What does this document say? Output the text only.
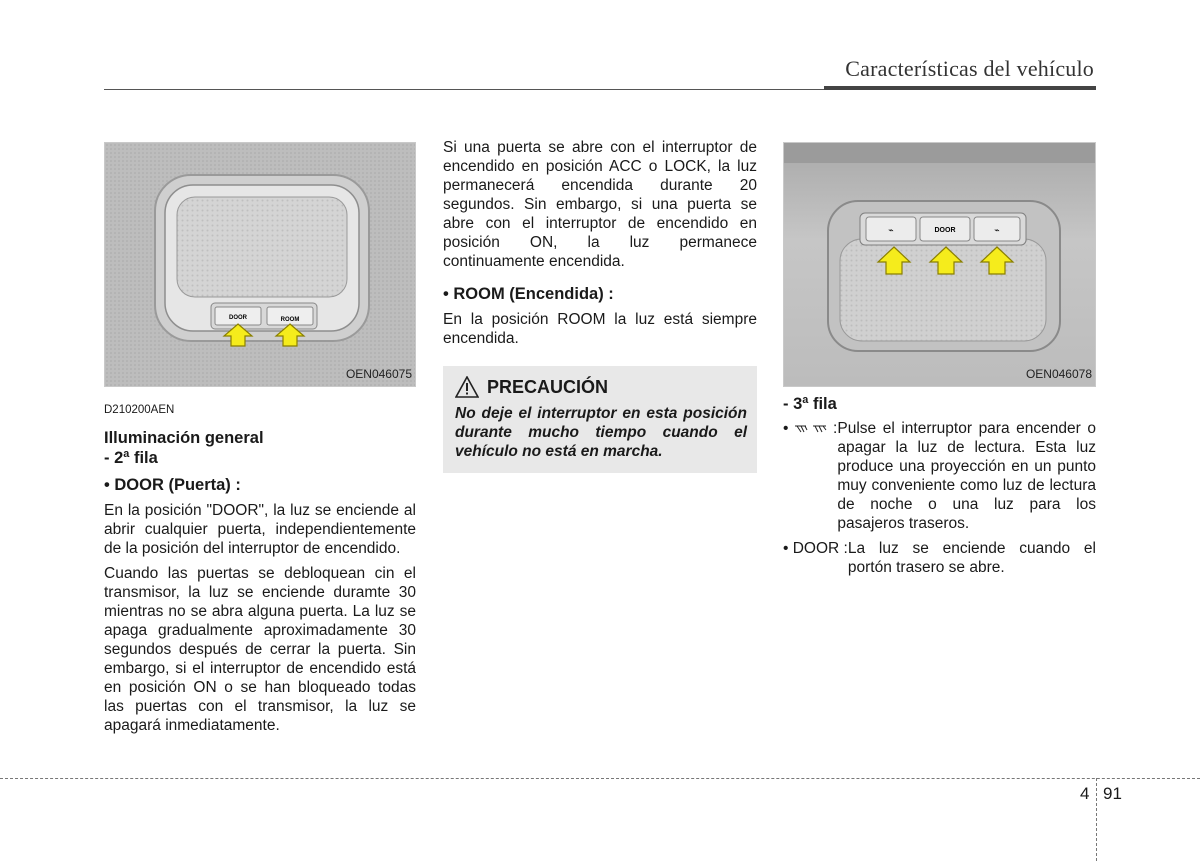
Características del vehículo
DOOR	ROOM
OEN046075
D210200AEN
Illuminación general
- 2ª fila
• DOOR (Puerta) :

En la posición "DOOR", la luz se enciende al abrir cualquier puerta, independientemente de la posición del interruptor de encendido.

Cuando las puertas se debloquean cin el transmisor, la luz se enciende duramte 30 mientras no se abra alguna puerta. La luz se apaga gradualmente aproximadamente 30 segundos después de cerrar la puerta. Sin embargo, si el interruptor de encendido está en posición ON o se han bloqueado todas las puertas con el transmisor, la luz se apagará inmediatamente.

Si una puerta se abre con el interruptor de encendido en posición ACC o LOCK, la luz permanecerá encendida durante 20 segundos. Sin embargo, si una puerta se abre con el interruptor de encendido en posición ON, la luz permanece continuamente encendida.

• ROOM (Encendida) :

En la posición ROOM la luz está siempre encendida.

PRECAUCIÓN
No deje el interruptor en esta posición durante mucho tiempo cuando el vehículo no está en marcha.
⌁	DOOR	⌁
OEN046078
- 3ª fila
•  : Pulse el interruptor para encender o apagar la luz de lectura. Esta luz produce una proyección en un punto muy conveniente como luz de lectura de noche o una luz para los pasajeros traseros.
• DOOR : La luz se enciende cuando el portón trasero se abre.
4 91
